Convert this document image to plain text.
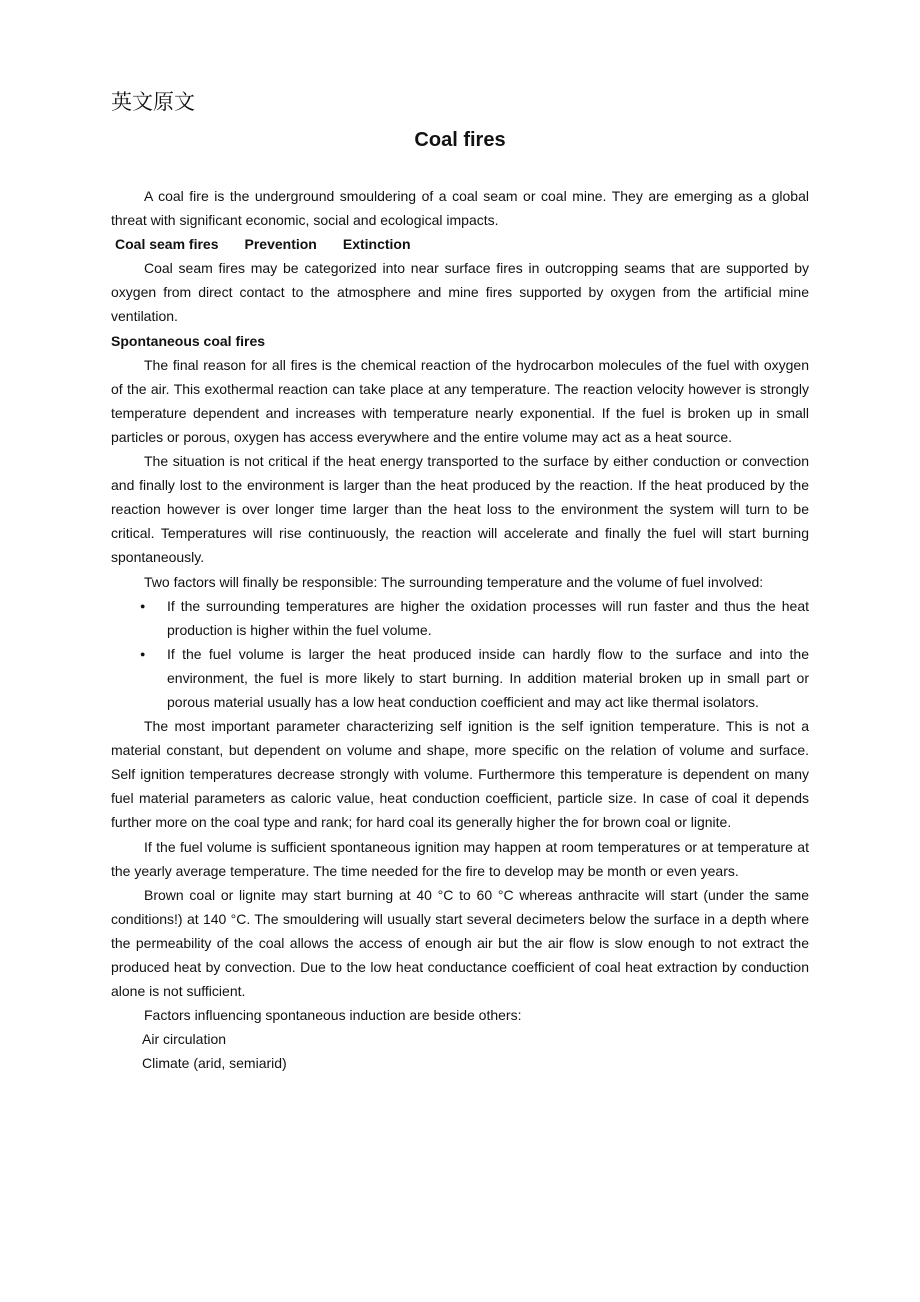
英文原文
Coal fires

A coal fire is the underground smouldering of a coal seam or coal mine. They are emerging as a global threat with significant economic, social and ecological impacts.

Coal seam fires Prevention Extinction

Coal seam fires may be categorized into near surface fires in outcropping seams that are supported by oxygen from direct contact to the atmosphere and mine fires supported by oxygen from the artificial mine ventilation.

Spontaneous coal fires

The final reason for all fires is the chemical reaction of the hydrocarbon molecules of the fuel with oxygen of the air. This exothermal reaction can take place at any temperature. The reaction velocity however is strongly temperature dependent and increases with temperature nearly exponential. If the fuel is broken up in small particles or porous, oxygen has access everywhere and the entire volume may act as a heat source.

The situation is not critical if the heat energy transported to the surface by either conduction or convection and finally lost to the environment is larger than the heat produced by the reaction. If the heat produced by the reaction however is over longer time larger than the heat loss to the environment the system will turn to be critical. Temperatures will rise continuously, the reaction will accelerate and finally the fuel will start burning spontaneously.

Two factors will finally be responsible: The surrounding temperature and the volume of fuel involved:

● If the surrounding temperatures are higher the oxidation processes will run faster and thus the heat production is higher within the fuel volume.
● If the fuel volume is larger the heat produced inside can hardly flow to the surface and into the environment, the fuel is more likely to start burning. In addition material broken up in small part or porous material usually has a low heat conduction coefficient and may act like thermal isolators.

The most important parameter characterizing self ignition is the self ignition temperature. This is not a material constant, but dependent on volume and shape, more specific on the relation of volume and surface. Self ignition temperatures decrease strongly with volume. Furthermore this temperature is dependent on many fuel material parameters as caloric value, heat conduction coefficient, particle size. In case of coal it depends further more on the coal type and rank; for hard coal its generally higher the for brown coal or lignite.

If the fuel volume is sufficient spontaneous ignition may happen at room temperatures or at temperature at the yearly average temperature. The time needed for the fire to develop may be month or even years.

Brown coal or lignite may start burning at 40 °C to 60 °C whereas anthracite will start (under the same conditions!) at 140 °C. The smouldering will usually start several decimeters below the surface in a depth where the permeability of the coal allows the access of enough air but the air flow is slow enough to not extract the produced heat by convection. Due to the low heat conductance coefficient of coal heat extraction by conduction alone is not sufficient.

Factors influencing spontaneous induction are beside others:

Air circulation
Climate (arid, semiarid)
